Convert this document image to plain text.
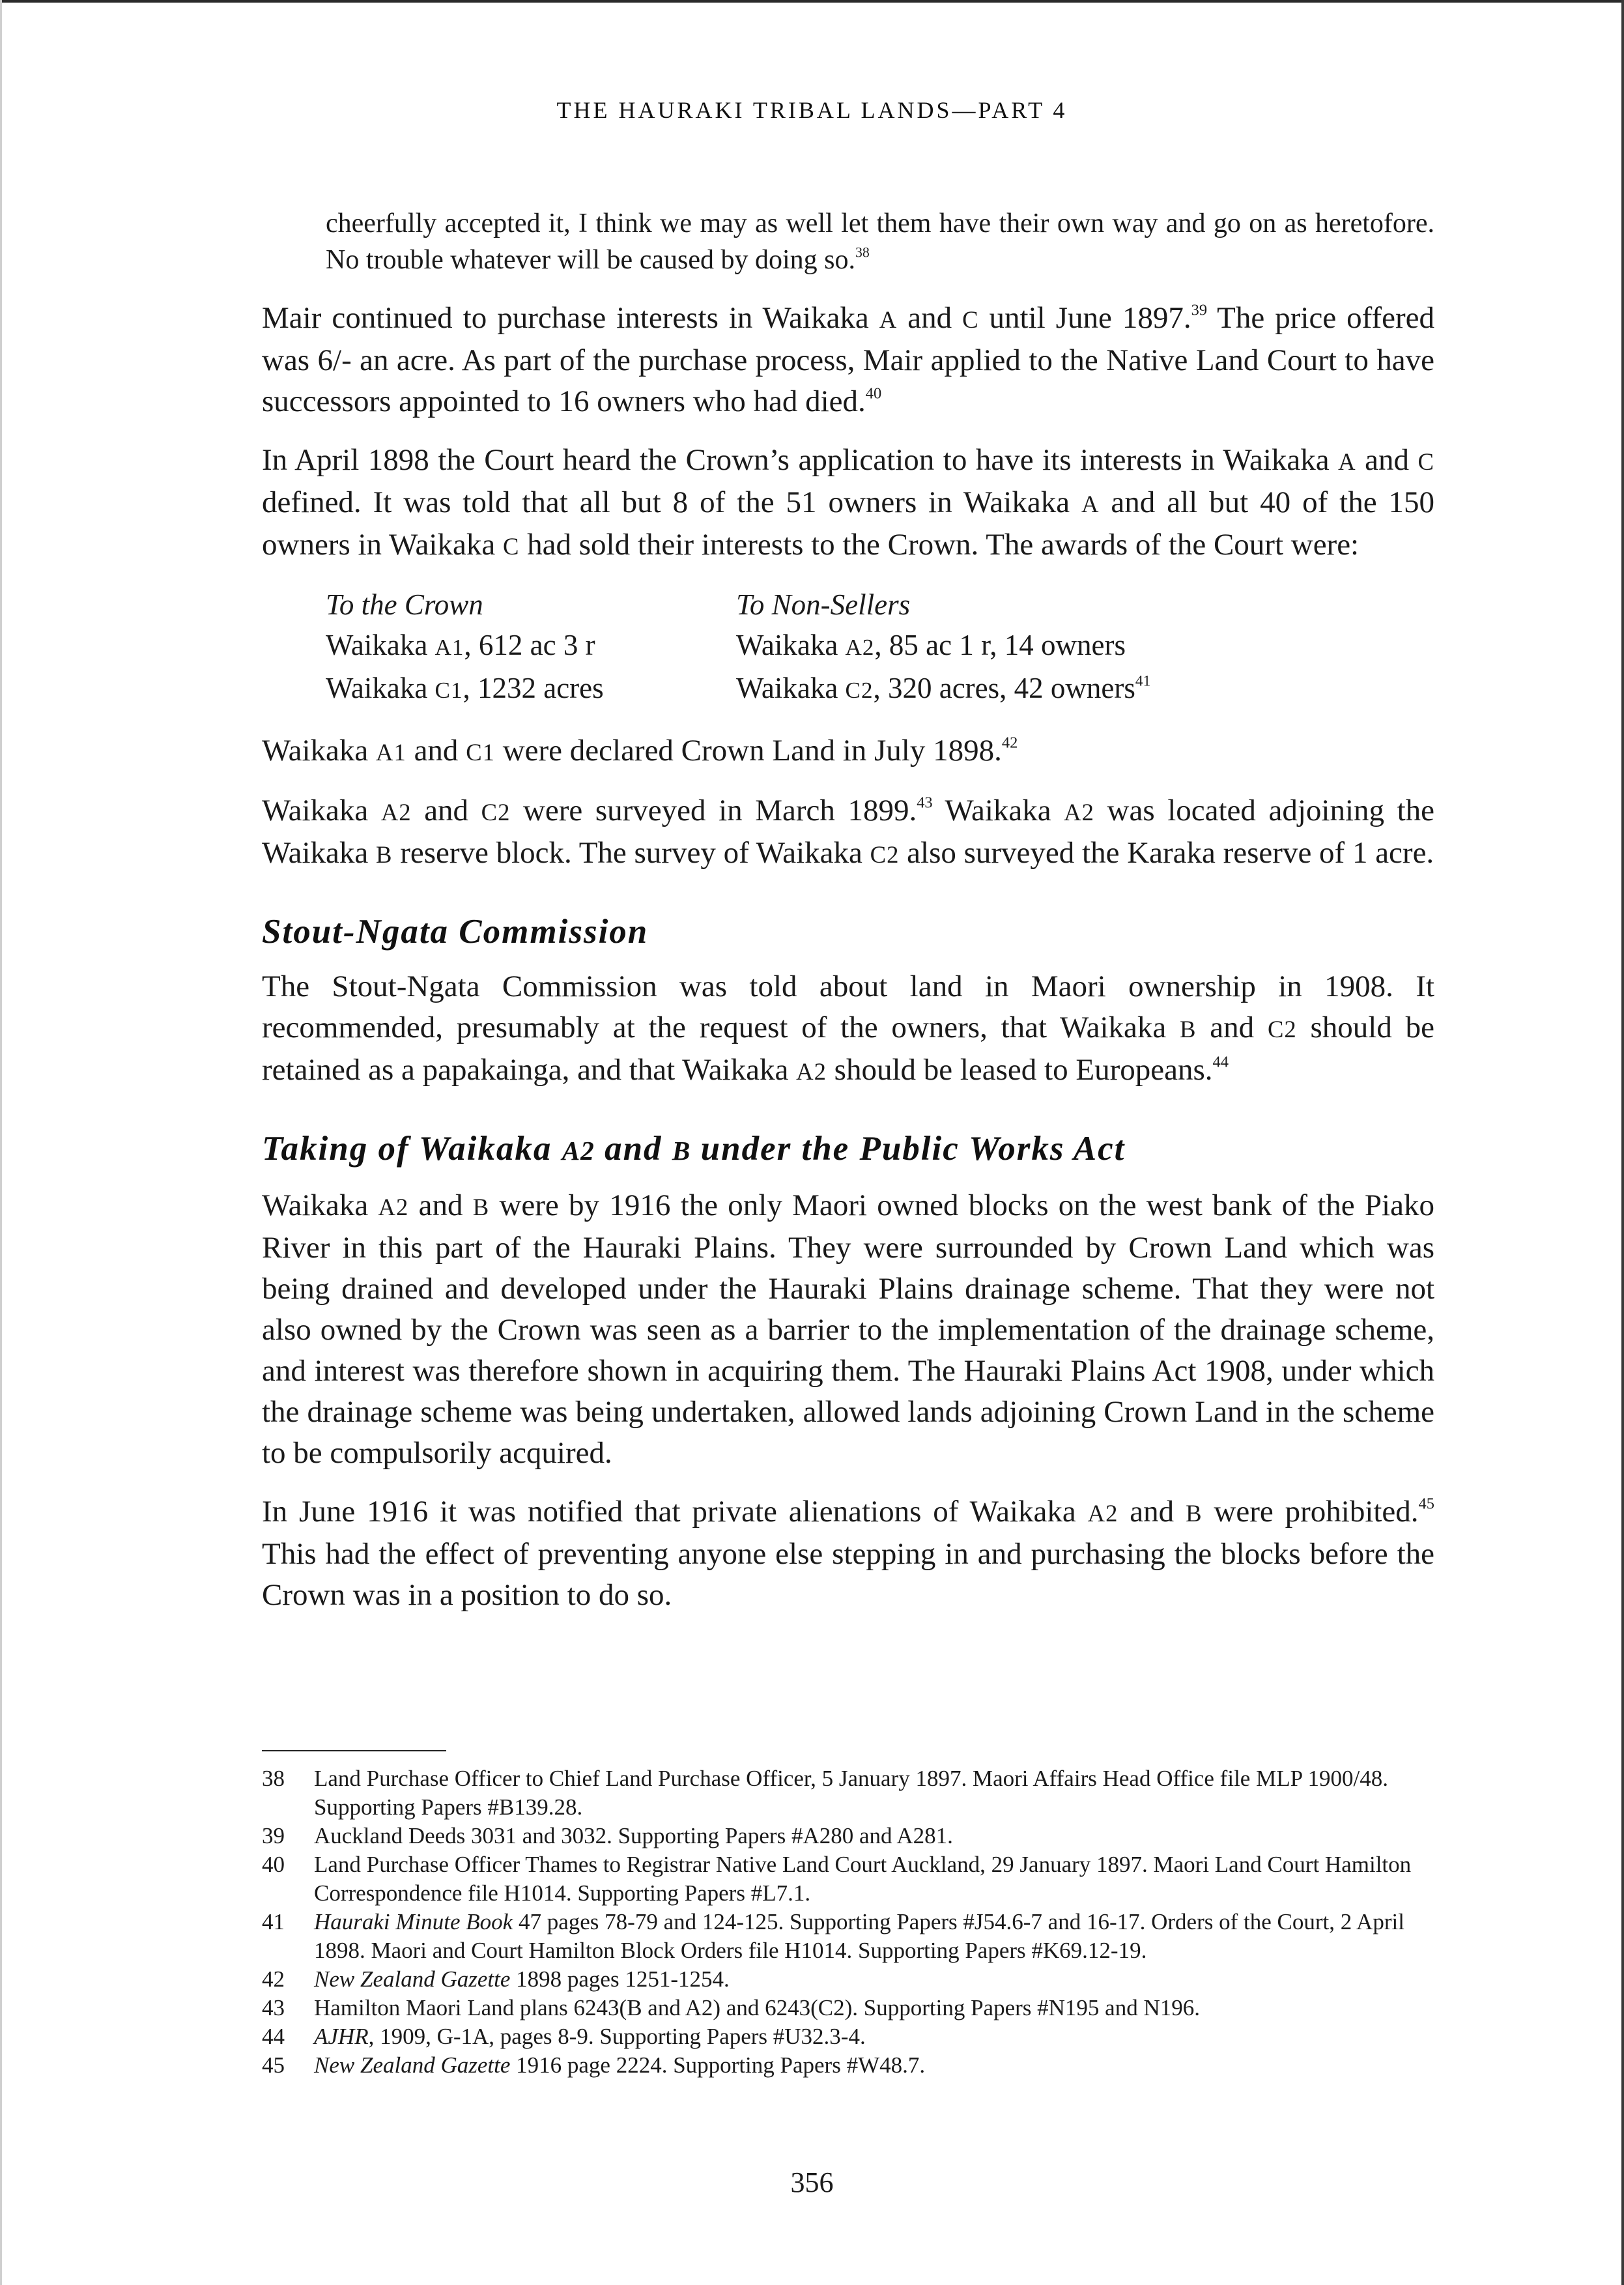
THE HAURAKI TRIBAL LANDS—PART 4

cheerfully accepted it, I think we may as well let them have their own way and go on as heretofore. No trouble whatever will be caused by doing so.$^{38}$

Mair continued to purchase interests in Waikaka A and C until June 1897.39 The price offered was 6/- an acre. As part of the purchase process, Mair applied to the Native Land Court to have successors appointed to 16 owners who had died.$^{40}$

In April 1898 the Court heard the Crown’s application to have its interests in Waikaka A and C defined. It was told that all but 8 of the 51 owners in Waikaka A and all but 40 of the 150 owners in Waikaka C had sold their interests to the Crown. The awards of the Court were:

To the Crown	To Non-Sellers
Waikaka A1, 612 ac 3 r	Waikaka A2, 85 ac 1 r, 14 owners
Waikaka C1, 1232 acres	Waikaka C2, 320 acres, 42 owners$^{41}$

Waikaka A1 and C1 were declared Crown Land in July 1898.42

Waikaka A2 and C2 were surveyed in March 1899.43 Waikaka A2 was located adjoining the Waikaka B reserve block. The survey of Waikaka C2 also surveyed the Karaka reserve of 1 acre.

Stout-Ngata Commission

The Stout-Ngata Commission was told about land in Maori ownership in 1908. It recommended, presumably at the request of the owners, that Waikaka B and C2 should be retained as a papakainga, and that Waikaka A2 should be leased to Europeans.$^{44}$

Taking of Waikaka A2 and B under the Public Works Act

Waikaka A2 and B were by 1916 the only Maori owned blocks on the west bank of the Piako River in this part of the Hauraki Plains. They were surrounded by Crown Land which was being drained and developed under the Hauraki Plains drainage scheme. That they were not also owned by the Crown was seen as a barrier to the implementation of the drainage scheme, and interest was therefore shown in acquiring them. The Hauraki Plains Act 1908, under which the drainage scheme was being undertaken, allowed lands adjoining Crown Land in the scheme to be compulsorily acquired.

In June 1916 it was notified that private alienations of Waikaka A2 and B were prohibited.$^{45}$ This had the effect of preventing anyone else stepping in and purchasing the blocks before the Crown was in a position to do so.

38	Land Purchase Officer to Chief Land Purchase Officer, 5 January 1897. Maori Affairs Head Office file MLP 1900/48. Supporting Papers #B139.28.
39	Auckland Deeds 3031 and 3032. Supporting Papers #A280 and A281.
40	Land Purchase Officer Thames to Registrar Native Land Court Auckland, 29 January 1897. Maori Land Court Hamilton Correspondence file H1014. Supporting Papers #L7.1.
41	Hauraki Minute Book 47 pages 78-79 and 124-125. Supporting Papers #J54.6-7 and 16-17. Orders of the Court, 2 April 1898. Maori and Court Hamilton Block Orders file H1014. Supporting Papers #K69.12-19.
42	New Zealand Gazette 1898 pages 1251-1254.
43	Hamilton Maori Land plans 6243(B and A2) and 6243(C2). Supporting Papers #N195 and N196.
44	AJHR, 1909, G-1A, pages 8-9. Supporting Papers #U32.3-4.
45	New Zealand Gazette 1916 page 2224. Supporting Papers #W48.7.
356
